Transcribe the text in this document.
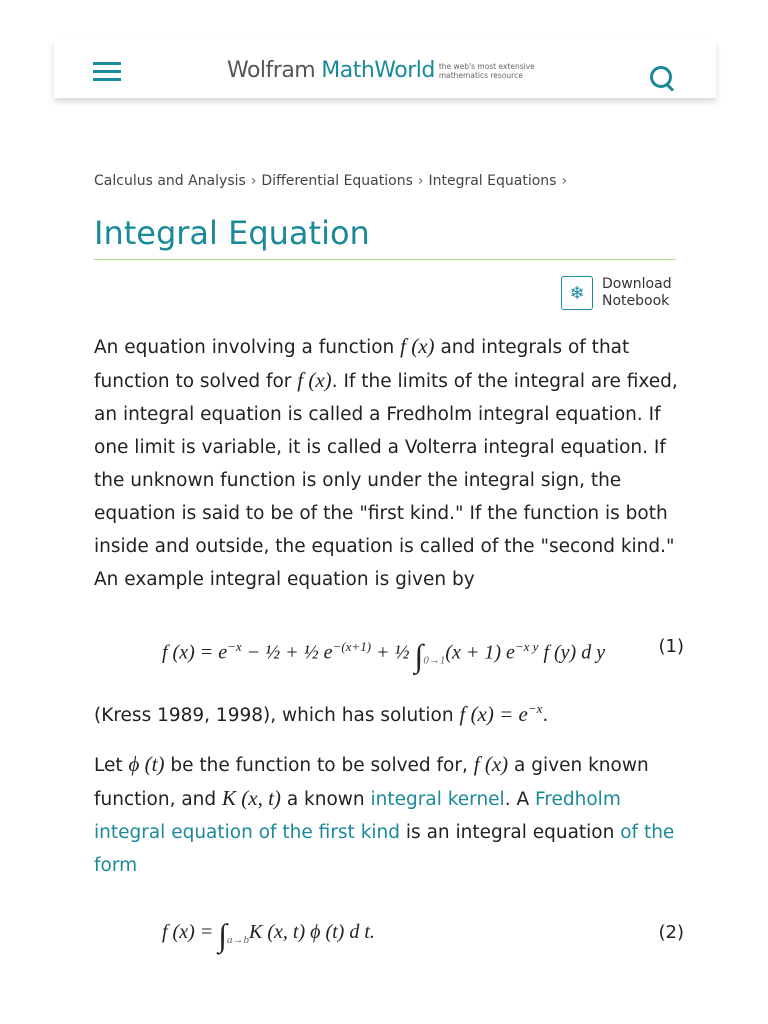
Wolfram MathWorld the web's most extensive
mathematics resource
Calculus and Analysis › Differential Equations › Integral Equations ›
Integral Equation
❄	Download
Notebook

An equation involving a function f (x) and integrals of that function to solved for f (x). If the limits of the integral are fixed, an integral equation is called a Fredholm integral equation. If one limit is variable, it is called a Volterra integral equation. If the unknown function is only under the integral sign, the equation is said to be of the "first kind." If the function is both inside and outside, the equation is called of the "second kind." An example integral equation is given by

f $(x) = e^{-x}$ − ½ + ½ $e^{-(x+1)}$ + ½ $\int_{0\to 1}(x + 1)$ $e^{-x y}$ f (y) d y	(1)

(Kress 1989, 1998), which has solution f $(x) = e^{-x}$.

Let ϕ (t) be the function to be solved for, f (x) a given known function, and K (x, t) a known integral kernel. A Fredholm integral equation of the first kind is an integral equation of the form

f $(x) = \int_{a\to b}K$ (x, t) ϕ (t) d t.	(2)
